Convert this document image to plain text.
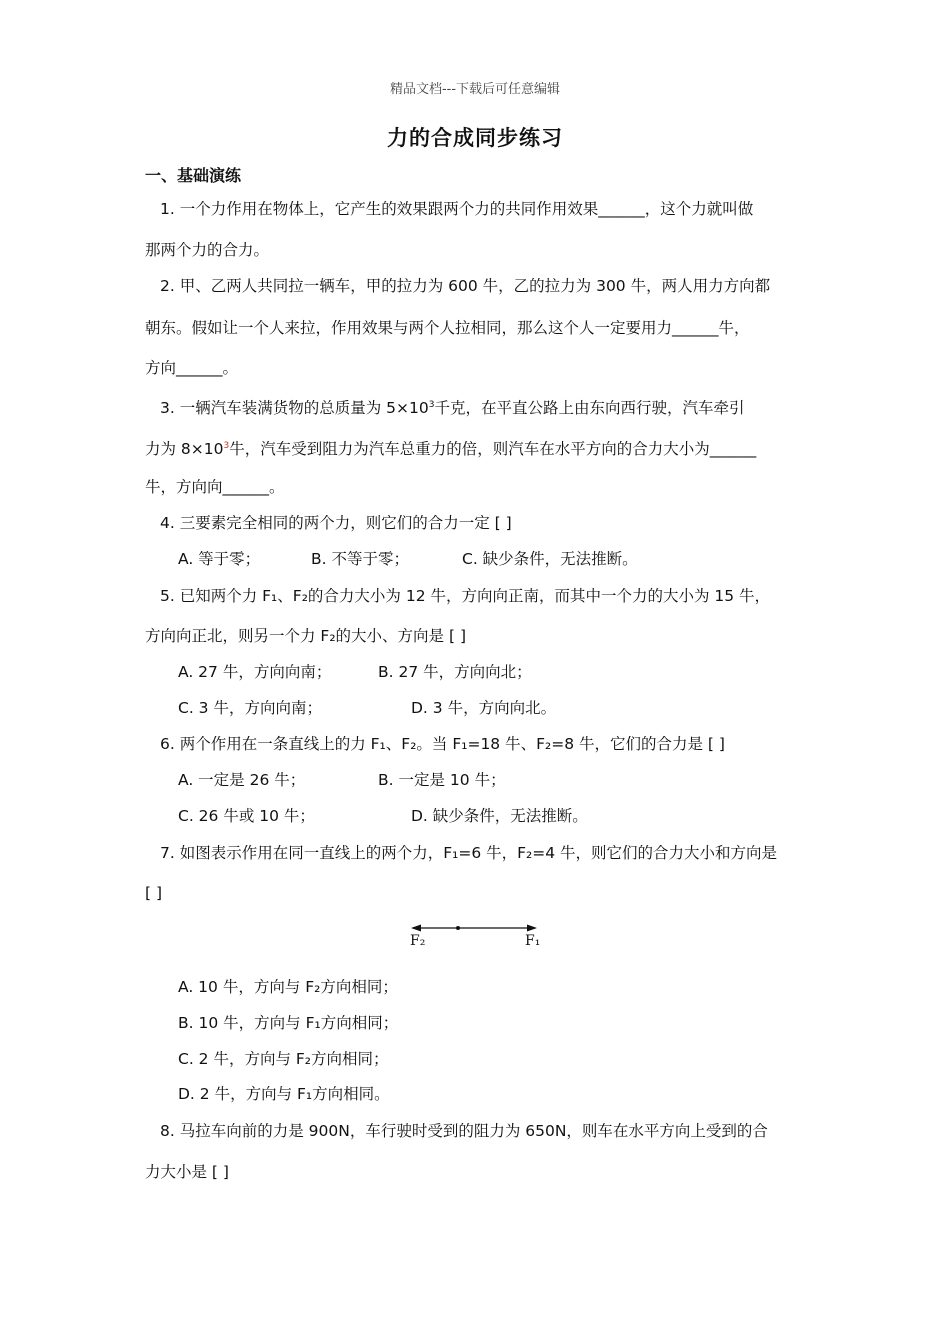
精品文档---下载后可任意编辑
力的合成同步练习
一、基础演练
1. 一个力作用在物体上，它产生的效果跟两个力的共同作用效果______，这个力就叫做
那两个力的合力。
2. 甲、乙两人共同拉一辆车，甲的拉力为 600 牛，乙的拉力为 300 牛，两人用力方向都
朝东。假如让一个人来拉，作用效果与两个人拉相同，那么这个人一定要用力______牛，
方向______。
3. 一辆汽车装满货物的总质量为 $5\times 10^3$千克，在平直公路上由东向西行驶，汽车牵引
力为 $8\times 10^3$牛，汽车受到阻力为汽车总重力的倍，则汽车在水平方向的合力大小为______
牛，方向向______。
4. 三要素完全相同的两个力，则它们的合力一定 [ ]
A. 等于零；	B. 不等于零；	C. 缺少条件，无法推断。
5. 已知两个力 F₁、F₂的合力大小为 12 牛，方向向正南，而其中一个力的大小为 15 牛，
方向向正北，则另一个力 F₂的大小、方向是 [ ]
A. 27 牛，方向向南；	B. 27 牛，方向向北；
C. 3 牛，方向向南；	D. 3 牛，方向向北。
6. 两个作用在一条直线上的力 F₁、F₂。当 F₁=18 牛、F₂=8 牛，它们的合力是 [ ]
A. 一定是 26 牛；	B. 一定是 10 牛；
C. 26 牛或 10 牛；	D. 缺少条件，无法推断。
7. 如图表示作用在同一直线上的两个力，F₁=6 牛，F₂=4 牛，则它们的合力大小和方向是
[ ]
F₂	F₁
A. 10 牛，方向与 F₂方向相同；
B. 10 牛，方向与 F₁方向相同；
C. 2 牛，方向与 F₂方向相同；
D. 2 牛，方向与 F₁方向相同。
8. 马拉车向前的力是 900N，车行驶时受到的阻力为 650N，则车在水平方向上受到的合
力大小是 [ ]
